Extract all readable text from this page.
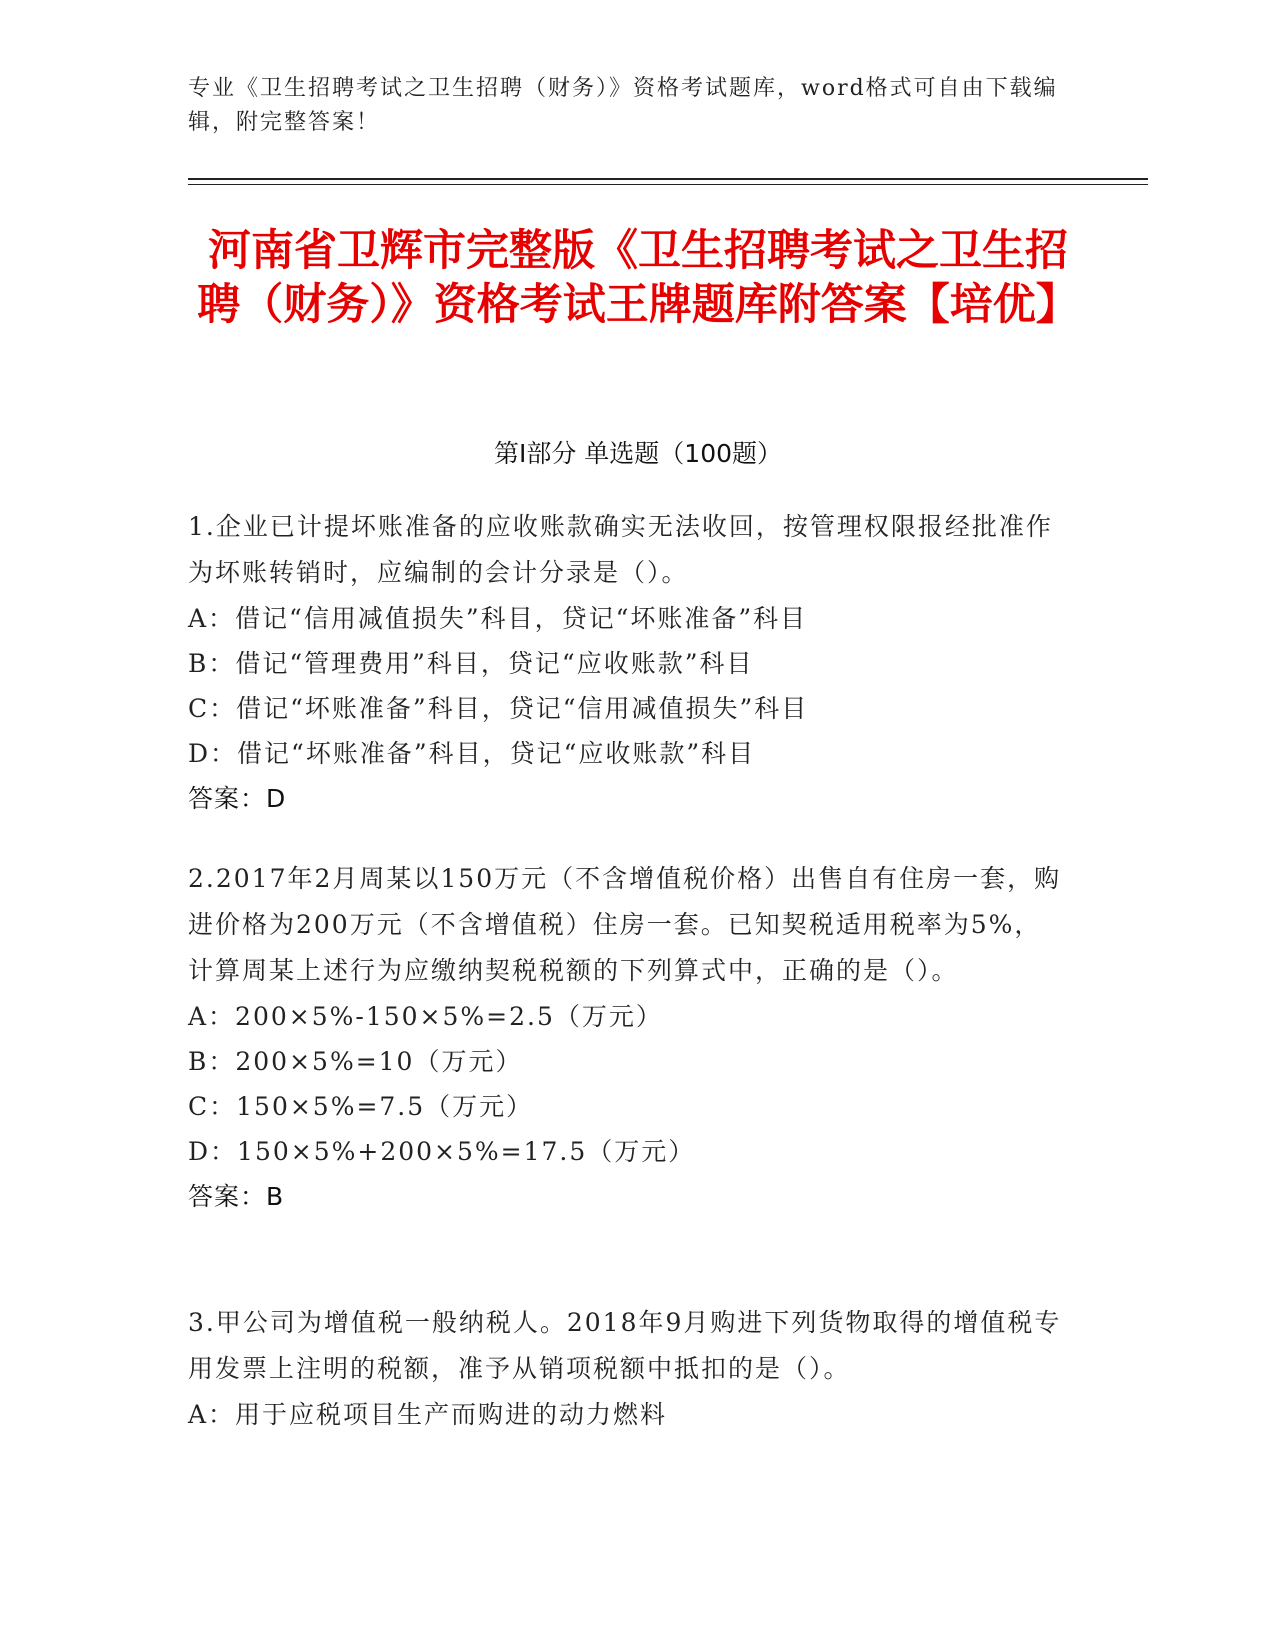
专业《卫生招聘考试之卫生招聘（财务）》资格考试题库，word格式可自由下载编辑，附完整答案！
河南省卫辉市完整版《卫生招聘考试之卫生招聘（财务）》资格考试王牌题库附答案【培优】
第Ⅰ部分 单选题（100题）

1.企业已计提坏账准备的应收账款确实无法收回，按管理权限报经批准作为坏账转销时，应编制的会计分录是（）。

A：借记“信用减值损失”科目，贷记“坏账准备”科目

B：借记“管理费用”科目，贷记“应收账款”科目

C：借记“坏账准备”科目，贷记“信用减值损失”科目

D：借记“坏账准备”科目，贷记“应收账款”科目

答案：D

2.2017年2月周某以150万元（不含增值税价格）出售自有住房一套，购进价格为200万元（不含增值税）住房一套。已知契税适用税率为5%，计算周某上述行为应缴纳契税税额的下列算式中，正确的是（）。

A：200×5%-150×5%=2.5（万元）

B：200×5%=10（万元）

C：150×5%=7.5（万元）

D：150×5%+200×5%=17.5（万元）

答案：B

3.甲公司为增值税一般纳税人。2018年9月购进下列货物取得的增值税专用发票上注明的税额，准予从销项税额中抵扣的是（）。

A：用于应税项目生产而购进的动力燃料
